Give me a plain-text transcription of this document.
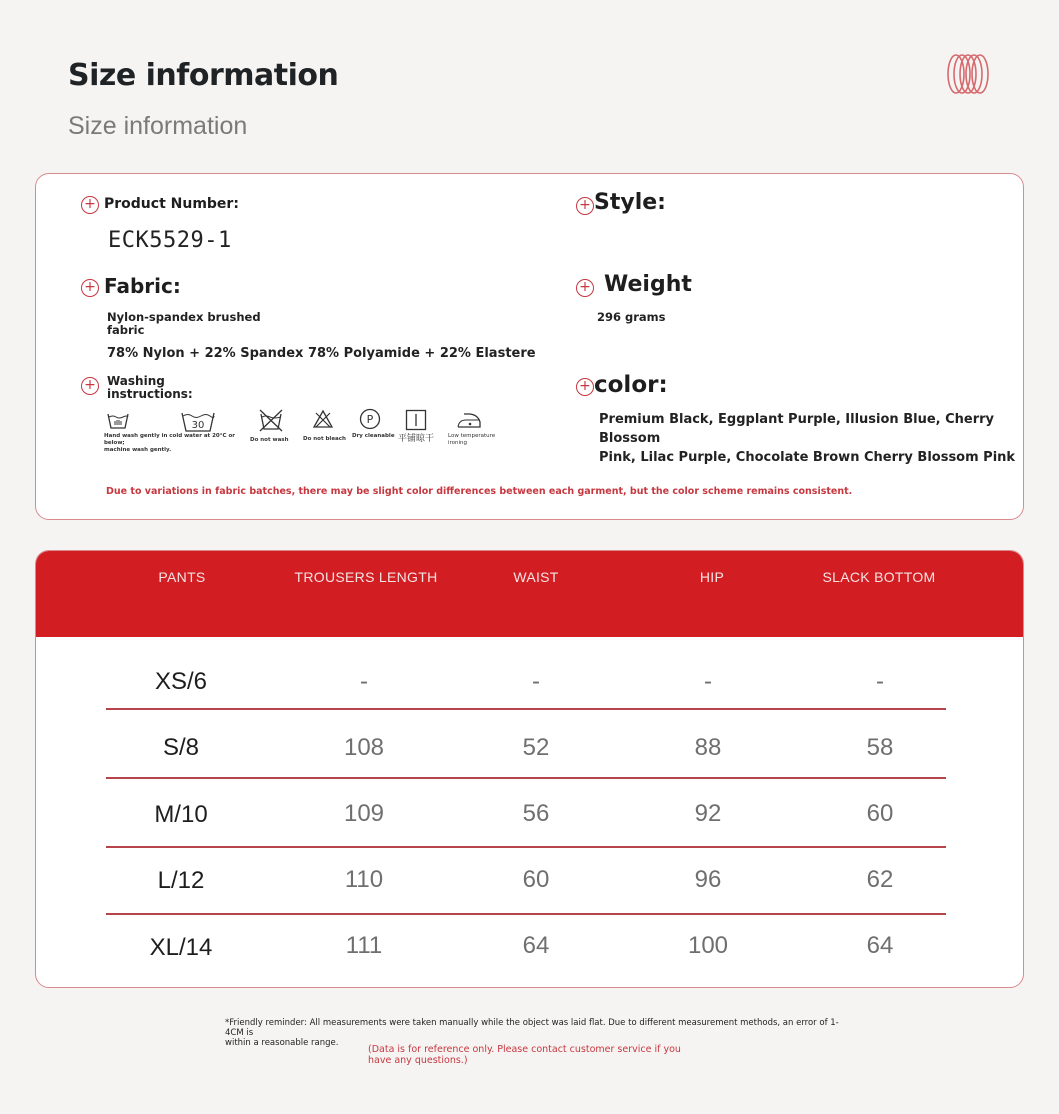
Size information
Size information
+ Product Number:
ECK5529-1
+ Style:
+ Fabric:
Nylon-spandex brushed
fabric
78% Nylon + 22% Spandex 78% Polyamide + 22% Elastere
+ Weight
296 grams
+ Washing
instructions:
Hand wash gently in cold water at 20°C or below;
machine wash gently.
30
Do not wash	Do not bleach
P
Dry cleanable 平铺晾干	Low temperature
ironing
+ color:
Premium Black, Eggplant Purple, Illusion Blue, Cherry Blossom
Pink, Lilac Purple, Chocolate Brown Cherry Blossom Pink
Due to variations in fabric batches, there may be slight color differences between each garment, but the color scheme remains consistent.
PANTS	TROUSERS LENGTH	WAIST	HIP	SLACK BOTTOM
XS/6	-	-	-	-
S/8	108	52	88	58
M/10	109	56	92	60
L/12	110	60	96	62
XL/14	111	64	100	64
*Friendly reminder: All measurements were taken manually while the object was laid flat. Due to different measurement methods, an error of 1-4CM is
within a reasonable range.
(Data is for reference only. Please contact customer service if you
have any questions.)
